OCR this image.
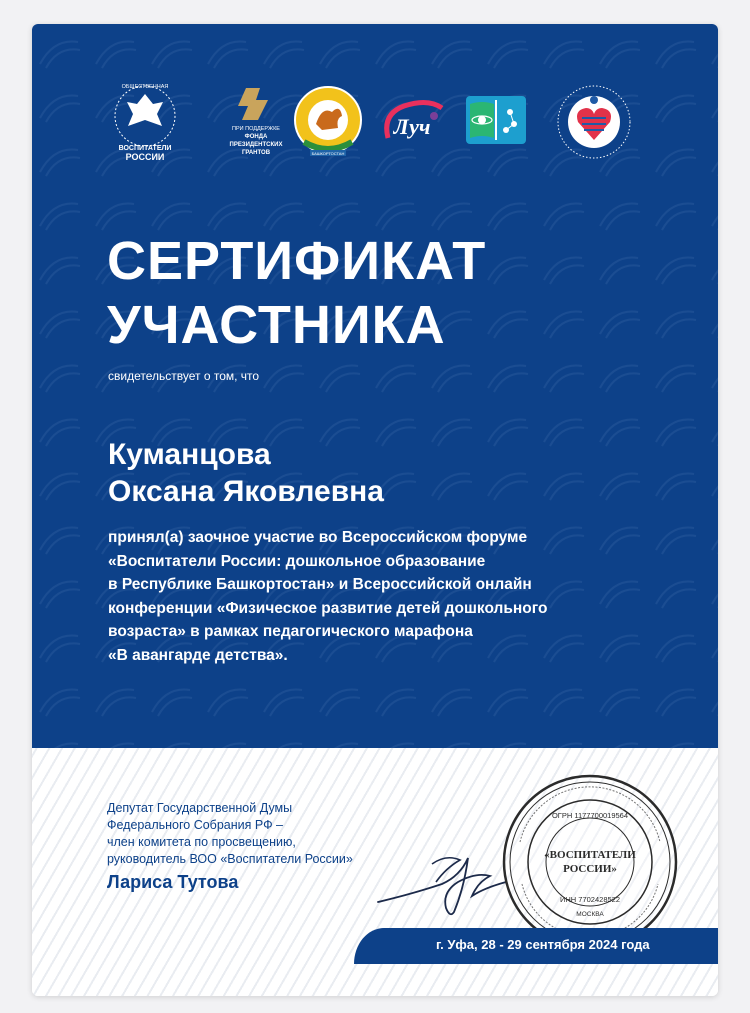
ОБЩЕСТВЕННАЯ
ВОСПИТАТЕЛИ
РОССИИ
ПРИ ПОДДЕРЖКЕ
ФОНДА
ПРЕЗИДЕНТСКИХ
ГРАНТОВ	БАШКОРТОСТАН
Луч
СЕРТИФИКАТ
УЧАСТНИКА
свидетельствует о том, что
Куманцова
Оксана Яковлевна
принял(а) заочное участие во Всероссийском форуме
«Воспитатели России: дошкольное образование
в Республике Башкортостан» и Всероссийской онлайн
конференции «Физическое развитие детей дошкольного
возраста» в рамках педагогического марафона
«В авангарде детства».
Депутат Государственной Думы
Федерального Собрания РФ –
член комитета по просвещению,
руководитель ВОО «Воспитатели России»
Лариса Тутова
ОГРН 1177700019564
«ВОСПИТАТЕЛИ
РОССИИ»
ИНН 7702428522
МОСКВА
г. Уфа, 28 - 29 сентября 2024 года
